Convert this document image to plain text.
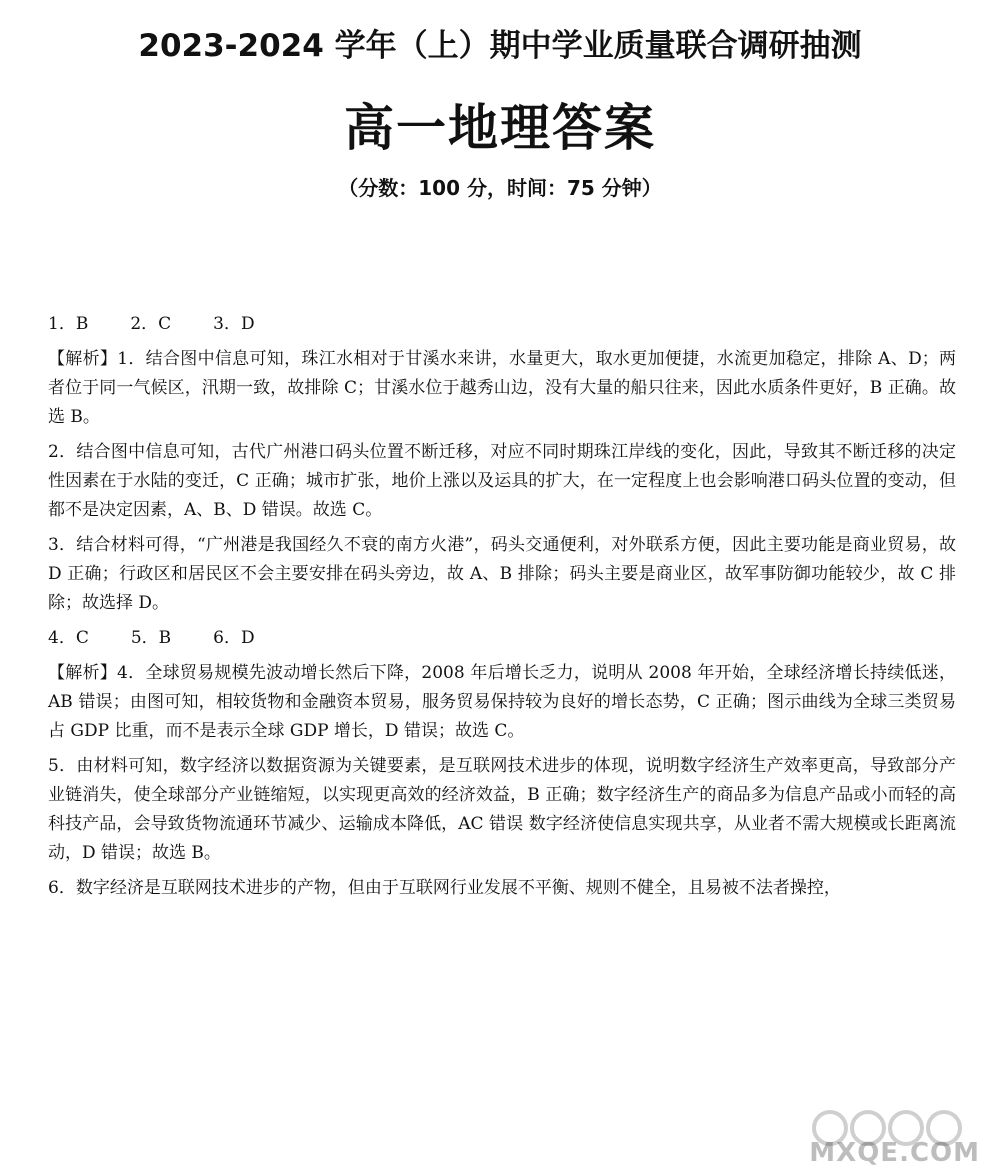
2023-2024 学年（上）期中学业质量联合调研抽测
高一地理答案
（分数：100 分，时间：75 分钟）
1．B 2．C 3．D

【解析】1．结合图中信息可知，珠江水相对于甘溪水来讲，水量更大，取水更加便捷，水流更加稳定，排除 A、D；两者位于同一气候区，汛期一致，故排除 C；甘溪水位于越秀山边，没有大量的船只往来，因此水质条件更好，B 正确。故选 B。

2．结合图中信息可知，古代广州港口码头位置不断迁移，对应不同时期珠江岸线的变化，因此，导致其不断迁移的决定性因素在于水陆的变迁，C 正确；城市扩张，地价上涨以及运具的扩大，在一定程度上也会影响港口码头位置的变动，但都不是决定因素，A、B、D 错误。故选 C。

3．结合材料可得，“广州港是我国经久不衰的南方火港”，码头交通便利，对外联系方便，因此主要功能是商业贸易，故 D 正确；行政区和居民区不会主要安排在码头旁边，故 A、B 排除；码头主要是商业区，故军事防御功能较少，故 C 排除；故选择 D。

4．C 5．B 6．D

【解析】4．全球贸易规模先波动增长然后下降，2008 年后增长乏力，说明从 2008 年开始，全球经济增长持续低迷，AB 错误；由图可知，相较货物和金融资本贸易，服务贸易保持较为良好的增长态势，C 正确；图示曲线为全球三类贸易占 GDP 比重，而不是表示全球 GDP 增长，D 错误；故选 C。

5．由材料可知，数字经济以数据资源为关键要素，是互联网技术进步的体现，说明数字经济生产效率更高，导致部分产业链消失，使全球部分产业链缩短，以实现更高效的经济效益，B 正确；数字经济生产的商品多为信息产品或小而轻的高科技产品，会导致货物流通环节减少、运输成本降低，AC 错误 数字经济使信息实现共享，从业者不需大规模或长距离流动，D 错误；故选 B。

6．数字经济是互联网技术进步的产物，但由于互联网行业发展不平衡、规则不健全，且易被不法者操控，

MXQE.COM
